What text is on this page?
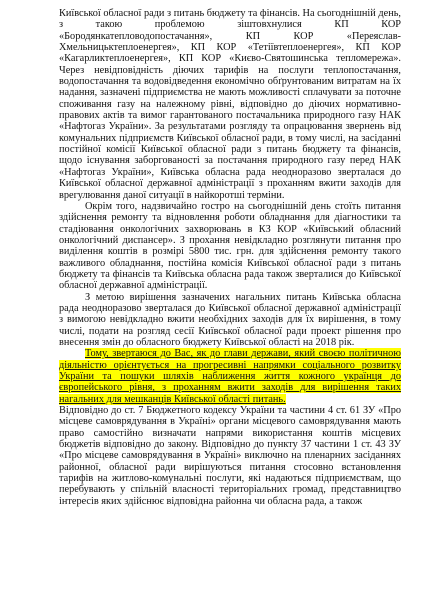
Київської обласної ради з питань бюджету та фінансів. На сьогоднішній день, з такою проблемою зіштовхнулися КП КОР «Бородянкатепловодопостачання», КП КОР «Переяслав-Хмельницьктеплоенергея», КП КОР «Тетіївтеплоенергея», КП КОР «Кагарликтеплоенергея», КП КОР «Києво-Святошинська тепломережа». Через невідповідність діючих тарифів на послуги теплопостачання, водопостачання та водовідведення економічно обґрунтованим витратам на їх надання, зазначені підприємства не мають можливості сплачувати за поточне споживання газу на належному рівні, відповідно до діючих нормативно-правових актів та вимог гарантованого постачальника природного газу НАК «Нафтогаз України». За результатами розгляду та опрацювання звернень від комунальних підприємств Київської обласної ради, в тому числі, на засіданні постійної комісії Київської обласної ради з питань бюджету та фінансів, щодо існування заборгованості за постачання природного газу перед НАК «Нафтогаз України», Київська обласна рада неодноразово зверталася до Київської обласної державної адміністрації з проханням вжити заходів для врегулювання даної ситуації в найкоротші терміни.

Окрім того, надзвичайно гостро на сьогоднішній день стоїть питання здійснення ремонту та відновлення роботи обладнання для діагностики та стадіювання онкологічних захворювань в КЗ КОР «Київський обласний онкологічний диспансер». З прохання невідкладно розглянути питання про виділення коштів в розмірі 5800 тис. грн. для здійснення ремонту такого важливого обладнання, постійна комісія Київської обласної ради з питань бюджету та фінансів та Київська обласна рада також зверталися до Київської обласної державної адміністрації.

З метою вирішення зазначених нагальних питань Київська обласна рада неодноразово зверталася до Київської обласної державної адміністрації з вимогою невідкладно вжити необхідних заходів для їх вирішення, в тому числі, подати на розгляд сесії Київської обласної ради проект рішення про внесення змін до обласного бюджету Київської області на 2018 рік.

Тому, звертаюся до Вас, як до глави держави, який своєю політичною діяльністю орієнтується на прогресивні напрямки соціального розвитку України та пошуки шляхів наближення життя кожного українця до європейського рівня, з проханням вжити заходів для вирішення таких нагальних для мешканців Київської області питань.

Відповідно до ст. 7 Бюджетного кодексу України та частини 4 ст. 61 ЗУ «Про місцеве самоврядування в Україні» органи місцевого самоврядування мають право самостійно визначати напрями використання коштів місцевих бюджетів відповідно до закону. Відповідно до пункту 37 частини 1 ст. 43 ЗУ «Про місцеве самоврядування в Україні» виключно на пленарних засіданнях районної, обласної ради вирішуються питання стосовно встановлення тарифів на житлово-комунальні послуги, які надаються підприємствам, що перебувають у спільній власності територіальних громад, представництво інтересів яких здійснює відповідна районна чи обласна рада, а також
